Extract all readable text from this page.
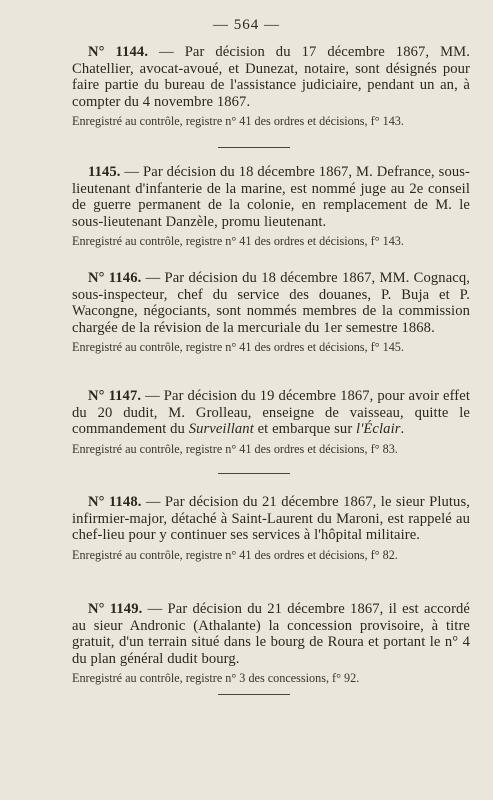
— 564 —

N° 1144. — Par décision du 17 décembre 1867, MM. Chatellier, avocat-avoué, et Dunezat, notaire, sont désignés pour faire partie du bureau de l'assistance judiciaire, pendant un an, à compter du 4 novembre 1867.

Enregistré au contrôle, registre n° 41 des ordres et décisions, f° 143.

1145. — Par décision du 18 décembre 1867, M. Defrance, sous-lieutenant d'infanterie de la marine, est nommé juge au 2e conseil de guerre permanent de la colonie, en remplacement de M. le sous-lieutenant Danzèle, promu lieutenant.

Enregistré au contrôle, registre n° 41 des ordres et décisions, f° 143.

N° 1146. — Par décision du 18 décembre 1867, MM. Cognacq, sous-inspecteur, chef du service des douanes, P. Buja et P. Wacongne, négociants, sont nommés membres de la commission chargée de la révision de la mercuriale du 1er semestre 1868.

Enregistré au contrôle, registre n° 41 des ordres et décisions, f° 145.

N° 1147. — Par décision du 19 décembre 1867, pour avoir effet du 20 dudit, M. Grolleau, enseigne de vaisseau, quitte le commandement du Surveillant et embarque sur l'Éclair.

Enregistré au contrôle, registre n° 41 des ordres et décisions, f° 83.

N° 1148. — Par décision du 21 décembre 1867, le sieur Plutus, infirmier-major, détaché à Saint-Laurent du Maroni, est rappelé au chef-lieu pour y continuer ses services à l'hôpital militaire.

Enregistré au contrôle, registre n° 41 des ordres et décisions, f° 82.

N° 1149. — Par décision du 21 décembre 1867, il est accordé au sieur Andronic (Athalante) la concession provisoire, à titre gratuit, d'un terrain situé dans le bourg de Roura et portant le n° 4 du plan général dudit bourg.

Enregistré au contrôle, registre n° 3 des concessions, f° 92.
